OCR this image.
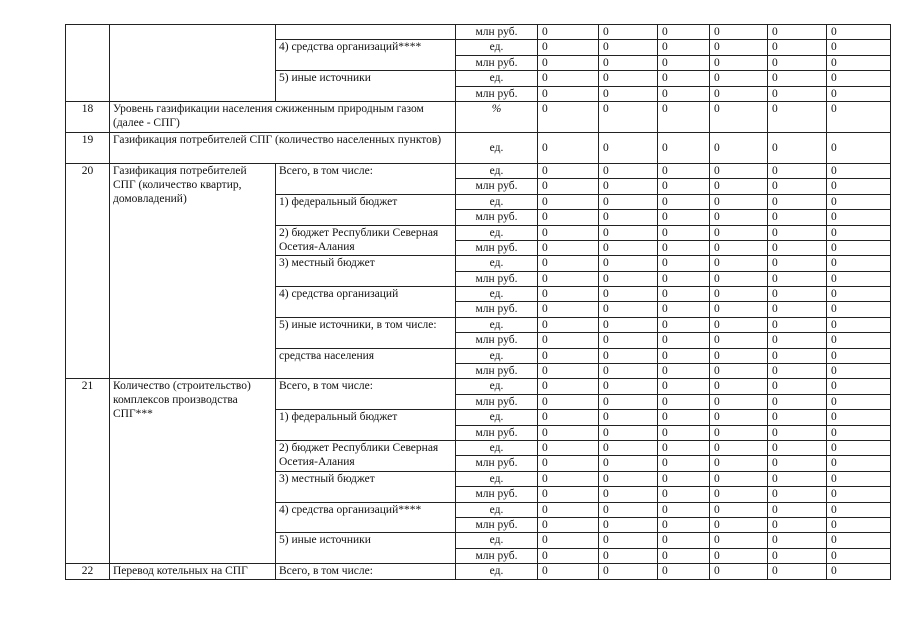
			млн руб.	0	0	0	0	0	0
		4) средства организаций****	ед.	0	0	0	0	0	0
			млн руб.	0	0	0	0	0	0
		5) иные источники	ед.	0	0	0	0	0	0
			млн руб.	0	0	0	0	0	0
18	Уровень газификации населения сжиженным природным газом (далее - СПГ)		%	0	0	0	0	0	0
19	Газификация потребителей СПГ (количество населенных пунктов)		ед.	0	0	0	0	0	0
20	Газификация потребителей СПГ (количество квартир, домовладений)	Всего, в том числе:	ед.	0	0	0	0	0	0
			млн руб.	0	0	0	0	0	0
		1) федеральный бюджет	ед.	0	0	0	0	0	0
			млн руб.	0	0	0	0	0	0
		2) бюджет Республики Северная Осетия-Алания	ед.	0	0	0	0	0	0
			млн руб.	0	0	0	0	0	0
		3) местный бюджет	ед.	0	0	0	0	0	0
			млн руб.	0	0	0	0	0	0
		4) средства организаций	ед.	0	0	0	0	0	0
			млн руб.	0	0	0	0	0	0
		5) иные источники, в том числе:	ед.	0	0	0	0	0	0
			млн руб.	0	0	0	0	0	0
		средства населения	ед.	0	0	0	0	0	0
			млн руб.	0	0	0	0	0	0
21	Количество (строительство) комплексов производства СПГ***	Всего, в том числе:	ед.	0	0	0	0	0	0
			млн руб.	0	0	0	0	0	0
		1) федеральный бюджет	ед.	0	0	0	0	0	0
			млн руб.	0	0	0	0	0	0
		2) бюджет Республики Северная Осетия-Алания	ед.	0	0	0	0	0	0
			млн руб.	0	0	0	0	0	0
		3) местный бюджет	ед.	0	0	0	0	0	0
			млн руб.	0	0	0	0	0	0
		4) средства организаций****	ед.	0	0	0	0	0	0
			млн руб.	0	0	0	0	0	0
		5) иные источники	ед.	0	0	0	0	0	0
			млн руб.	0	0	0	0	0	0
22	Перевод котельных на СПГ	Всего, в том числе:	ед.	0	0	0	0	0	0
